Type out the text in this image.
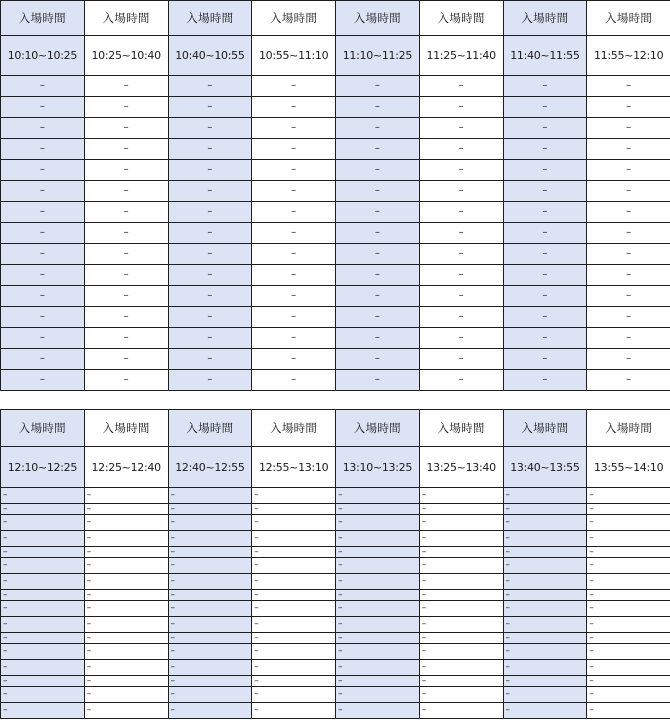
入場時間	入場時間	入場時間	入場時間	入場時間	入場時間	入場時間	入場時間
10:10~10:25	10:25~10:40	10:40~10:55	10:55~11:10	11:10~11:25	11:25~11:40	11:40~11:55	11:55~12:10
–	–	–	–	–	–	–	–
–	–	–	–	–	–	–	–
–	–	–	–	–	–	–	–
–	–	–	–	–	–	–	–
–	–	–	–	–	–	–	–
–	–	–	–	–	–	–	–
–	–	–	–	–	–	–	–
–	–	–	–	–	–	–	–
–	–	–	–	–	–	–	–
–	–	–	–	–	–	–	–
–	–	–	–	–	–	–	–
–	–	–	–	–	–	–	–
–	–	–	–	–	–	–	–
–	–	–	–	–	–	–	–
–	–	–	–	–	–	–	–
入場時間	入場時間	入場時間	入場時間	入場時間	入場時間	入場時間	入場時間
12:10~12:25	12:25~12:40	12:40~12:55	12:55~13:10	13:10~13:25	13:25~13:40	13:40~13:55	13:55~14:10
–	–	–	–	–	–	–	–
–	–	–	–	–	–	–	–
–	–	–	–	–	–	–	–
–	–	–	–	–	–	–	–
–	–	–	–	–	–	–	–
–	–	–	–	–	–	–	–
–	–	–	–	–	–	–	–
–	–	–	–	–	–	–	–
–	–	–	–	–	–	–	–
–	–	–	–	–	–	–	–
–	–	–	–	–	–	–	–
–	–	–	–	–	–	–	–
–	–	–	–	–	–	–	–
–	–	–	–	–	–	–	–
–	–	–	–	–	–	–	–
–	–	–	–	–	–	–	–
